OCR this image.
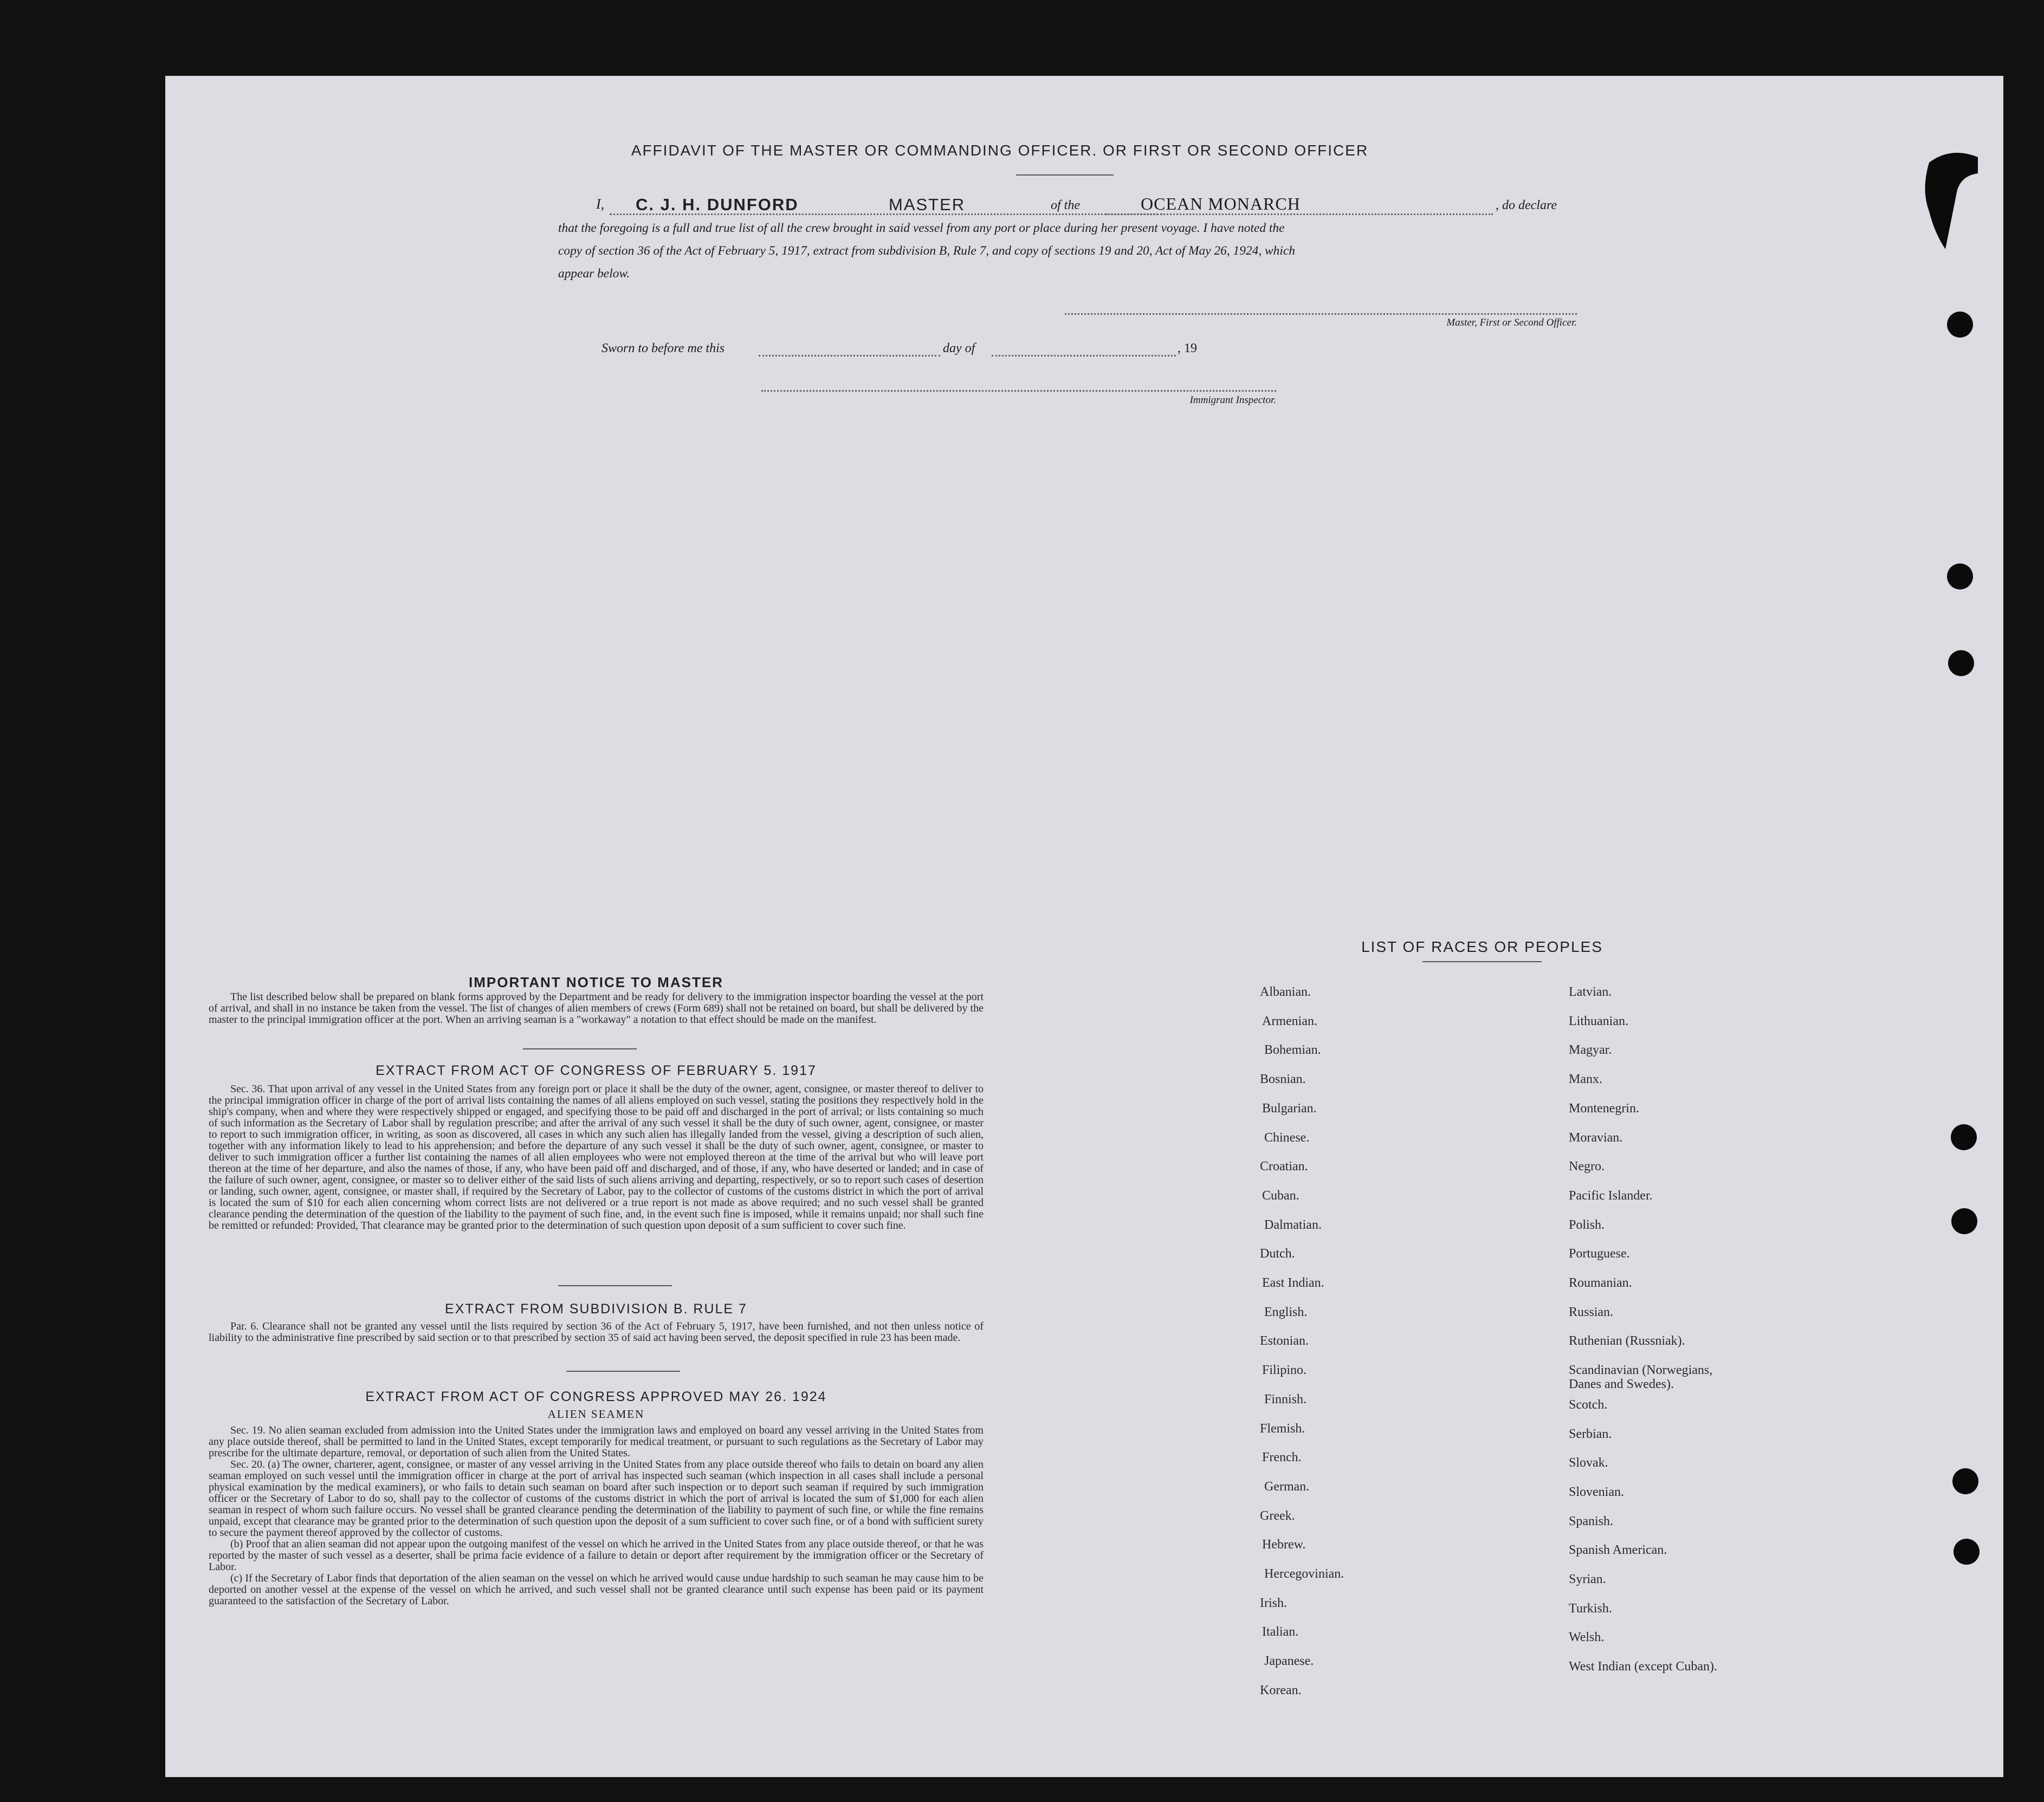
AFFIDAVIT OF THE MASTER OR COMMANDING OFFICER. OR FIRST OR SECOND OFFICER
I, C. J. H. DUNFORD	MASTER	of the	OCEAN MONARCH	, do declare
that the foregoing is a full and true list of all the crew brought in said vessel from any port or place during her present voyage. I have noted the
copy of section 36 of the Act of February 5, 1917, extract from subdivision B, Rule 7, and copy of sections 19 and 20, Act of May 26, 1924, which
appear below.
Master, First or Second Officer.
Sworn to before me this	day of	, 19
Immigrant Inspector.
IMPORTANT NOTICE TO MASTER

The list described below shall be prepared on blank forms approved by the Department and be ready for delivery to the immigration inspector boarding the vessel at the port of arrival, and shall in no instance be taken from the vessel. The list of changes of alien members of crews (Form 689) shall not be retained on board, but shall be delivered by the master to the principal immigration officer at the port. When an arriving seaman is a "workaway" a notation to that effect should be made on the manifest.

EXTRACT FROM ACT OF CONGRESS OF FEBRUARY 5. 1917

Sec. 36. That upon arrival of any vessel in the United States from any foreign port or place it shall be the duty of the owner, agent, consignee, or master thereof to deliver to the principal immigration officer in charge of the port of arrival lists containing the names of all aliens employed on such vessel, stating the positions they respectively hold in the ship's company, when and where they were respectively shipped or engaged, and specifying those to be paid off and discharged in the port of arrival; or lists containing so much of such information as the Secretary of Labor shall by regulation prescribe; and after the arrival of any such vessel it shall be the duty of such owner, agent, consignee, or master to report to such immigration officer, in writing, as soon as discovered, all cases in which any such alien has illegally landed from the vessel, giving a description of such alien, together with any information likely to lead to his apprehension; and before the departure of any such vessel it shall be the duty of such owner, agent, consignee, or master to deliver to such immigration officer a further list containing the names of all alien employees who were not employed thereon at the time of the arrival but who will leave port thereon at the time of her departure, and also the names of those, if any, who have been paid off and discharged, and of those, if any, who have deserted or landed; and in case of the failure of such owner, agent, consignee, or master so to deliver either of the said lists of such aliens arriving and departing, respectively, or so to report such cases of desertion or landing, such owner, agent, consignee, or master shall, if required by the Secretary of Labor, pay to the collector of customs of the customs district in which the port of arrival is located the sum of $10 for each alien concerning whom correct lists are not delivered or a true report is not made as above required; and no such vessel shall be granted clearance pending the determination of the question of the liability to the payment of such fine, and, in the event such fine is imposed, while it remains unpaid; nor shall such fine be remitted or refunded: Provided, That clearance may be granted prior to the determination of such question upon deposit of a sum sufficient to cover such fine.

EXTRACT FROM SUBDIVISION B. RULE 7

Par. 6. Clearance shall not be granted any vessel until the lists required by section 36 of the Act of February 5, 1917, have been furnished, and not then unless notice of liability to the administrative fine prescribed by said section or to that prescribed by section 35 of said act having been served, the deposit specified in rule 23 has been made.

EXTRACT FROM ACT OF CONGRESS APPROVED MAY 26. 1924
ALIEN SEAMEN

Sec. 19. No alien seaman excluded from admission into the United States under the immigration laws and employed on board any vessel arriving in the United States from any place outside thereof, shall be permitted to land in the United States, except temporarily for medical treatment, or pursuant to such regulations as the Secretary of Labor may prescribe for the ultimate departure, removal, or deportation of such alien from the United States.

Sec. 20. (a) The owner, charterer, agent, consignee, or master of any vessel arriving in the United States from any place outside thereof who fails to detain on board any alien seaman employed on such vessel until the immigration officer in charge at the port of arrival has inspected such seaman (which inspection in all cases shall include a personal physical examination by the medical examiners), or who fails to detain such seaman on board after such inspection or to deport such seaman if required by such immigration officer or the Secretary of Labor to do so, shall pay to the collector of customs of the customs district in which the port of arrival is located the sum of $1,000 for each alien seaman in respect of whom such failure occurs. No vessel shall be granted clearance pending the determination of the liability to payment of such fine, or while the fine remains unpaid, except that clearance may be granted prior to the determination of such question upon the deposit of a sum sufficient to cover such fine, or of a bond with sufficient surety to secure the payment thereof approved by the collector of customs.

(b) Proof that an alien seaman did not appear upon the outgoing manifest of the vessel on which he arrived in the United States from any place outside thereof, or that he was reported by the master of such vessel as a deserter, shall be prima facie evidence of a failure to detain or deport after requirement by the immigration officer or the Secretary of Labor.

(c) If the Secretary of Labor finds that deportation of the alien seaman on the vessel on which he arrived would cause undue hardship to such seaman he may cause him to be deported on another vessel at the expense of the vessel on which he arrived, and such vessel shall not be granted clearance until such expense has been paid or its payment guaranteed to the satisfaction of the Secretary of Labor.

LIST OF RACES OR PEOPLES
Albanian.
Armenian.
Bohemian.
Bosnian.
Bulgarian.
Chinese.
Croatian.
Cuban.
Dalmatian.
Dutch.
East Indian.
English.
Estonian.
Filipino.
Finnish.
Flemish.
French.
German.
Greek.
Hebrew.
Hercegovinian.
Irish.
Italian.
Japanese.
Korean.
Latvian.
Lithuanian.
Magyar.
Manx.
Montenegrin.
Moravian.
Negro.
Pacific Islander.
Polish.
Portuguese.
Roumanian.
Russian.
Ruthenian (Russniak).
Scandinavian (Norwegians, Danes and Swedes).
Scotch.
Serbian.
Slovak.
Slovenian.
Spanish.
Spanish American.
Syrian.
Turkish.
Welsh.
West Indian (except Cuban).
